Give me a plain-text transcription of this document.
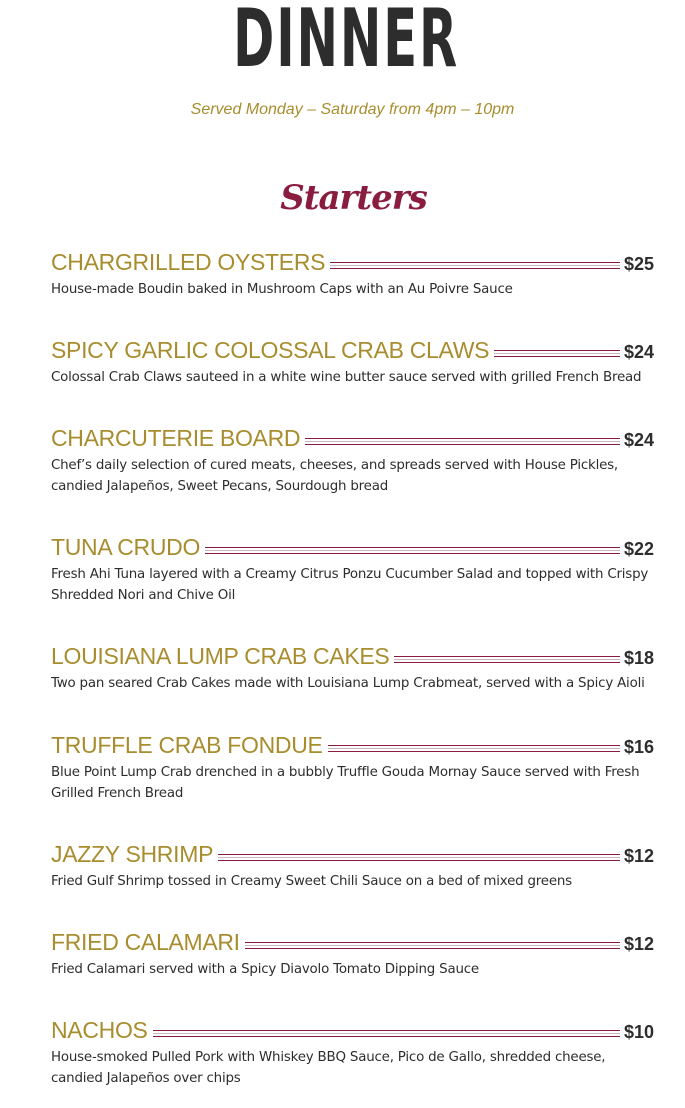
DINNER
Served Monday – Saturday from 4pm – 10pm
Starters
CHARGRILLED OYSTERS	$25
House-made Boudin baked in Mushroom Caps with an Au Poivre Sauce
SPICY GARLIC COLOSSAL CRAB CLAWS	$24
Colossal Crab Claws sauteed in a white wine butter sauce served with grilled French Bread
CHARCUTERIE BOARD	$24
Chef’s daily selection of cured meats, cheeses, and spreads served with House Pickles, candied Jalapeños, Sweet Pecans, Sourdough bread
TUNA CRUDO	$22
Fresh Ahi Tuna layered with a Creamy Citrus Ponzu Cucumber Salad and topped with Crispy Shredded Nori and Chive Oil
LOUISIANA LUMP CRAB CAKES	$18
Two pan seared Crab Cakes made with Louisiana Lump Crabmeat, served with a Spicy Aioli
TRUFFLE CRAB FONDUE	$16
Blue Point Lump Crab drenched in a bubbly Truffle Gouda Mornay Sauce served with Fresh Grilled French Bread
JAZZY SHRIMP	$12
Fried Gulf Shrimp tossed in Creamy Sweet Chili Sauce on a bed of mixed greens
FRIED CALAMARI	$12
Fried Calamari served with a Spicy Diavolo Tomato Dipping Sauce
NACHOS	$10
House-smoked Pulled Pork with Whiskey BBQ Sauce, Pico de Gallo, shredded cheese, candied Jalapeños over chips
